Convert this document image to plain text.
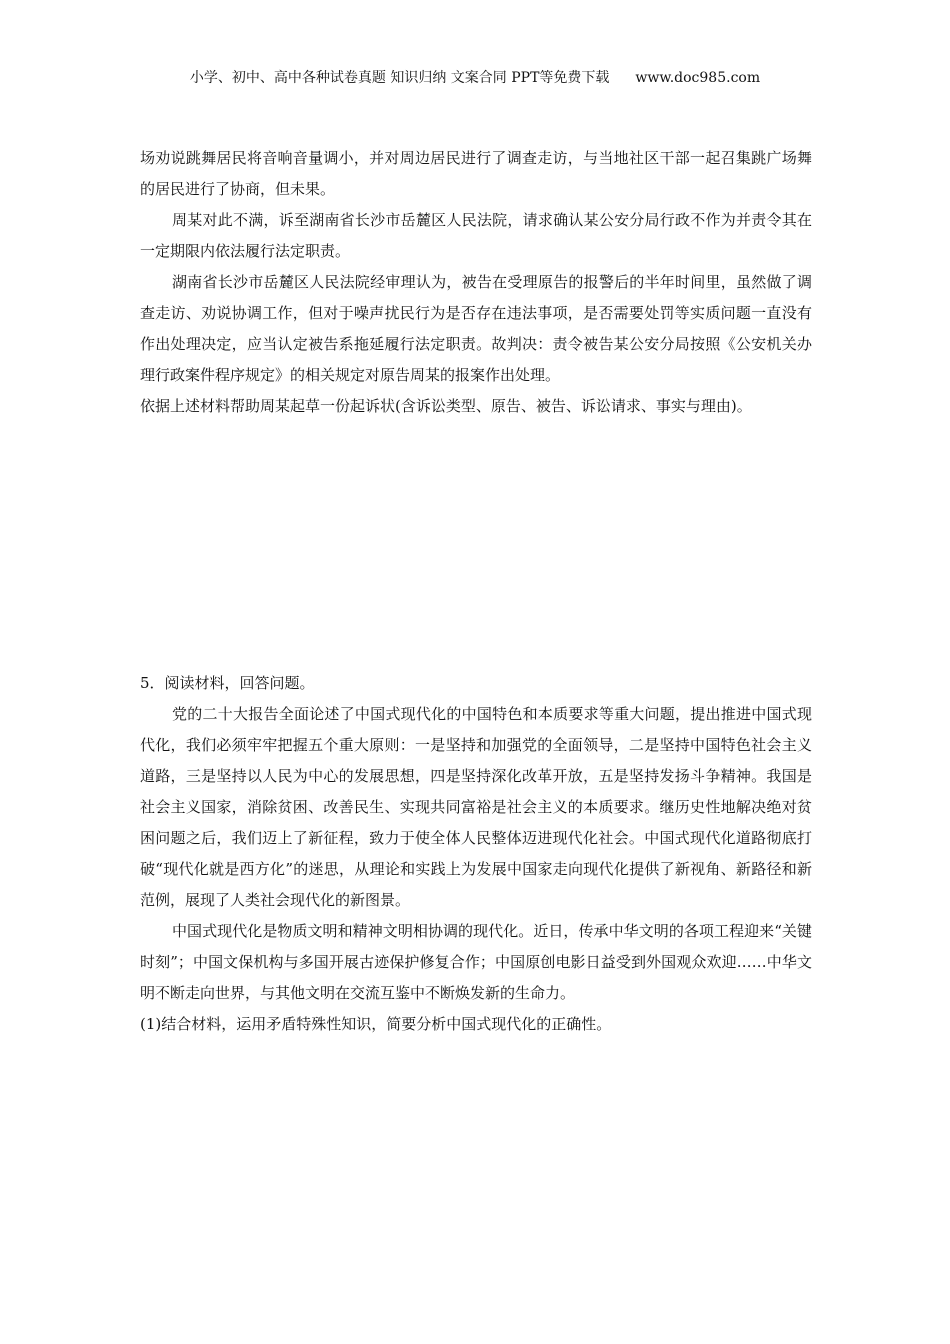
小学、初中、高中各种试卷真题 知识归纳 文案合同 PPT等免费下载 www.doc985.com

场劝说跳舞居民将音响音量调小，并对周边居民进行了调查走访，与当地社区干部一起召集跳广场舞的居民进行了协商，但未果。

周某对此不满，诉至湖南省长沙市岳麓区人民法院，请求确认某公安分局行政不作为并责令其在一定期限内依法履行法定职责。

湖南省长沙市岳麓区人民法院经审理认为，被告在受理原告的报警后的半年时间里，虽然做了调查走访、劝说协调工作，但对于噪声扰民行为是否存在违法事项，是否需要处罚等实质问题一直没有作出处理决定，应当认定被告系拖延履行法定职责。故判决：责令被告某公安分局按照《公安机关办理行政案件程序规定》的相关规定对原告周某的报案作出处理。

依据上述材料帮助周某起草一份起诉状(含诉讼类型、原告、被告、诉讼请求、事实与理由)。

5．阅读材料，回答问题。

党的二十大报告全面论述了中国式现代化的中国特色和本质要求等重大问题，提出推进中国式现代化，我们必须牢牢把握五个重大原则：一是坚持和加强党的全面领导，二是坚持中国特色社会主义道路，三是坚持以人民为中心的发展思想，四是坚持深化改革开放，五是坚持发扬斗争精神。我国是社会主义国家，消除贫困、改善民生、实现共同富裕是社会主义的本质要求。继历史性地解决绝对贫困问题之后，我们迈上了新征程，致力于使全体人民整体迈进现代化社会。中国式现代化道路彻底打破“现代化就是西方化”的迷思，从理论和实践上为发展中国家走向现代化提供了新视角、新路径和新范例，展现了人类社会现代化的新图景。

中国式现代化是物质文明和精神文明相协调的现代化。近日，传承中华文明的各项工程迎来“关键时刻”；中国文保机构与多国开展古迹保护修复合作；中国原创电影日益受到外国观众欢迎……中华文明不断走向世界，与其他文明在交流互鉴中不断焕发新的生命力。

(1)结合材料，运用矛盾特殊性知识，简要分析中国式现代化的正确性。
